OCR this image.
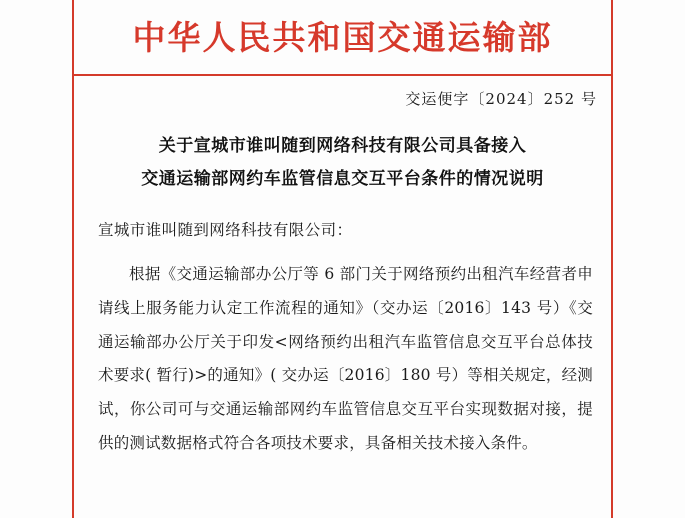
中华人民共和国交通运输部
交运便字〔2024〕252 号
关于宣城市谁叫随到网络科技有限公司具备接入
交通运输部网约车监管信息交互平台条件的情况说明
宣城市谁叫随到网络科技有限公司：

根据《交通运输部办公厅等 6 部门关于网络预约出租汽车经营者申请线上服务能力认定工作流程的通知》（交办运〔2016〕143 号）《交通运输部办公厅关于印发<网络预约出租汽车监管信息交互平台总体技术要求( 暂行)>的通知》( 交办运〔2016〕180 号）等相关规定，经测试，你公司可与交通运输部网约车监管信息交互平台实现数据对接，提供的测试数据格式符合各项技术要求，具备相关技术接入条件。
